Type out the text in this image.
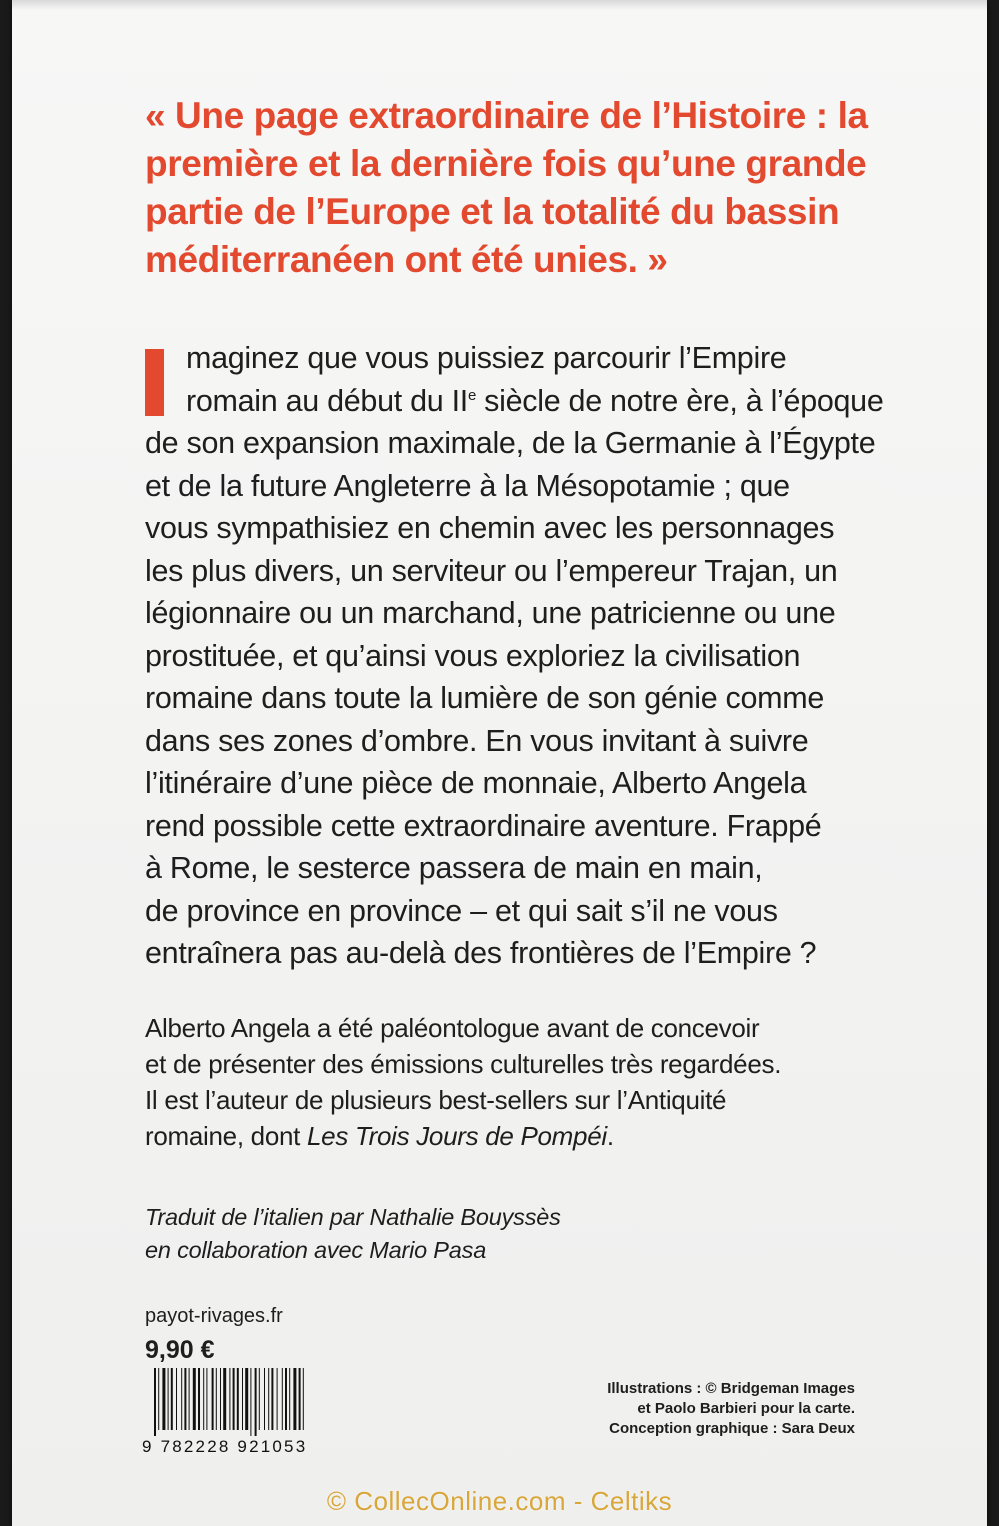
« Une page extraordinaire de l’Histoire : la
première et la dernière fois qu’une grande
partie de l’Europe et la totalité du bassin
méditerranéen ont été unies. »
maginez que vous puissiez parcourir l’Empire
romain au début du IIe siècle de notre ère, à l’époque
de son expansion maximale, de la Germanie à l’Égypte
et de la future Angleterre à la Mésopotamie ; que
vous sympathisiez en chemin avec les personnages
les plus divers, un serviteur ou l’empereur Trajan, un
légionnaire ou un marchand, une patricienne ou une
prostituée, et qu’ainsi vous exploriez la civilisation
romaine dans toute la lumière de son génie comme
dans ses zones d’ombre. En vous invitant à suivre
l’itinéraire d’une pièce de monnaie, Alberto Angela
rend possible cette extraordinaire aventure. Frappé
à Rome, le sesterce passera de main en main,
de province en province – et qui sait s’il ne vous
entraînera pas au-delà des frontières de l’Empire ?
Alberto Angela a été paléontologue avant de concevoir
et de présenter des émissions culturelles très regardées.
Il est l’auteur de plusieurs best-sellers sur l’Antiquité
romaine, dont Les Trois Jours de Pompéi.
Traduit de l’italien par Nathalie Bouyssès
en collaboration avec Mario Pasa
payot-rivages.fr
9,90 €
9 782228 921053
Illustrations : © Bridgeman Images
et Paolo Barbieri pour la carte.
Conception graphique : Sara Deux
© CollecOnline.com - Celtiks
